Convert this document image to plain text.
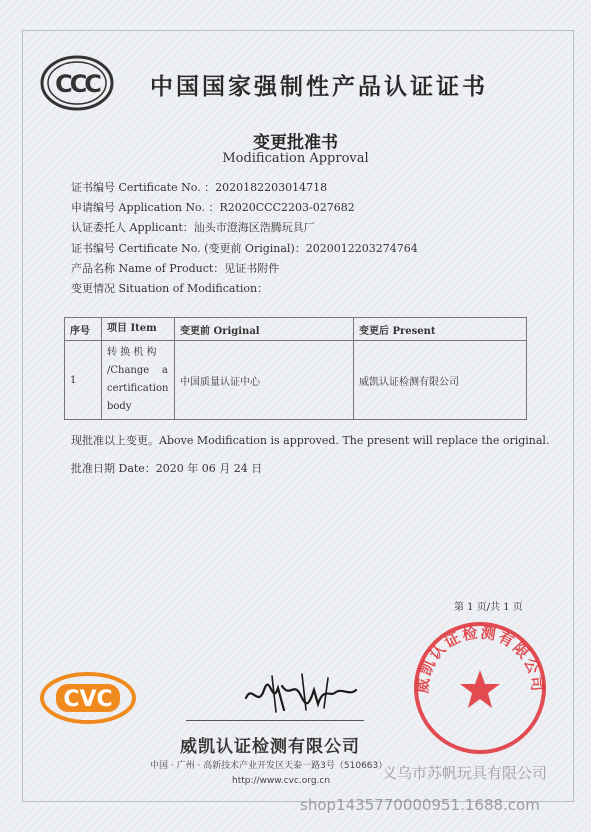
CCC 中国国家强制性产品认证证书
变更批准书
Modification Approval
证书编号 Certificate No. ：2020182203014718
申请编号 Application No. ：R2020CCC2203-027682
认证委托人 Applicant：汕头市澄海区浩腾玩具厂
证书编号 Certificate No. (变更前 Original)：2020012203274764
产品名称 Name of Product：见证书附件
变更情况 Situation of Modification：
序号	项目 Item	变更前 Original	变更后 Present
1	转 换 机 构
/Change    a
certification
body	中国质量认证中心	威凯认证检测有限公司
现批准以上变更。Above Modification is approved. The present will replace the original.
批准日期 Date：2020 年 06 月 24 日
第 1 页/共 1 页
CVC
威凯认证检测有限公司
威凯认证检测有限公司
中国 · 广州 · 高新技术产业开发区天泰一路3号（510663）
http://www.cvc.org.cn	义乌市苏帆玩具有限公司
shop1435770000951.1688.com
